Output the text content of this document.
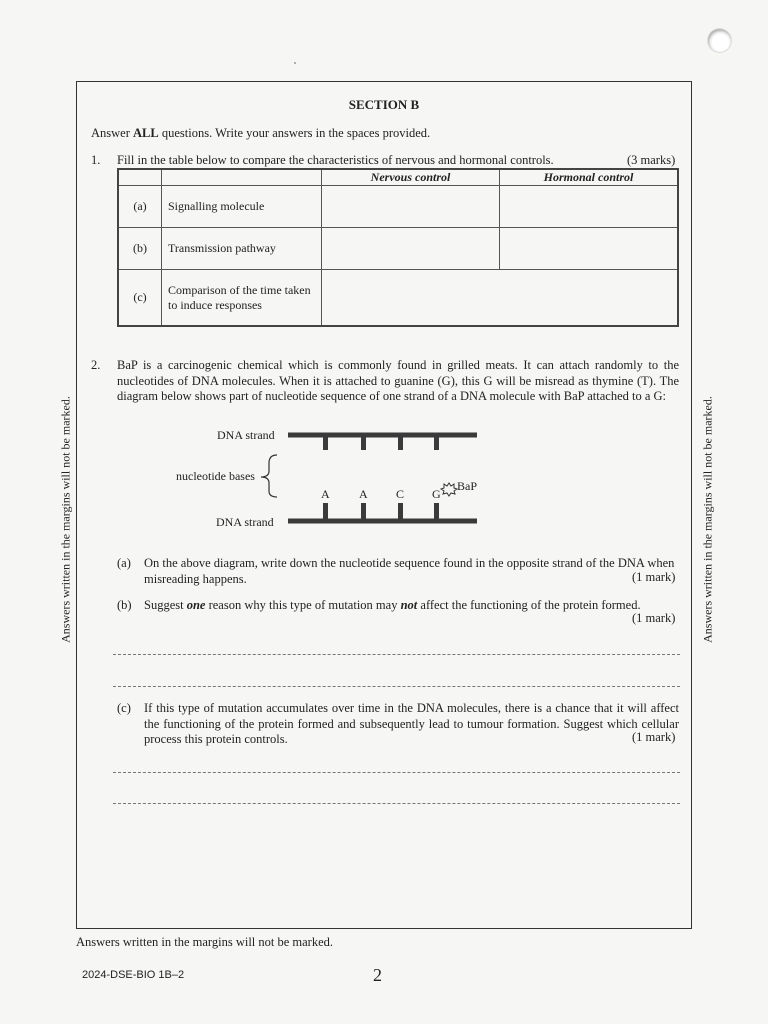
SECTION B
Answer ALL questions. Write your answers in the spaces provided.
1. Fill in the table below to compare the characteristics of nervous and hormonal controls.	(3 marks)
		Nervous control	Hormonal control
(a)	Signalling molecule		
(b)	Transmission pathway		
(c)	Comparison of the time taken to induce responses		
2. BaP is a carcinogenic chemical which is commonly found in grilled meats. It can attach randomly to the nucleotides of DNA molecules. When it is attached to guanine (G), this G will be misread as thymine (T). The diagram below shows part of nucleotide sequence of one strand of a DNA molecule with BaP attached to a G:
DNA strand
nucleotide bases
DNA strand
A A C G
BaP
(a) On the above diagram, write down the nucleotide sequence found in the opposite strand of the DNA when misreading happens.	(1 mark)
(b) Suggest one reason why this type of mutation may not affect the functioning of the protein formed.
(1 mark)
(c) If this type of mutation accumulates over time in the DNA molecules, there is a chance that it will affect the functioning of the protein formed and subsequently lead to tumour formation. Suggest which cellular process this protein controls.	(1 mark)
Answers written in the margins will not be marked.	Answers written in the margins will not be marked.
Answers written in the margins will not be marked.
2024-DSE-BIO 1B–2	2
